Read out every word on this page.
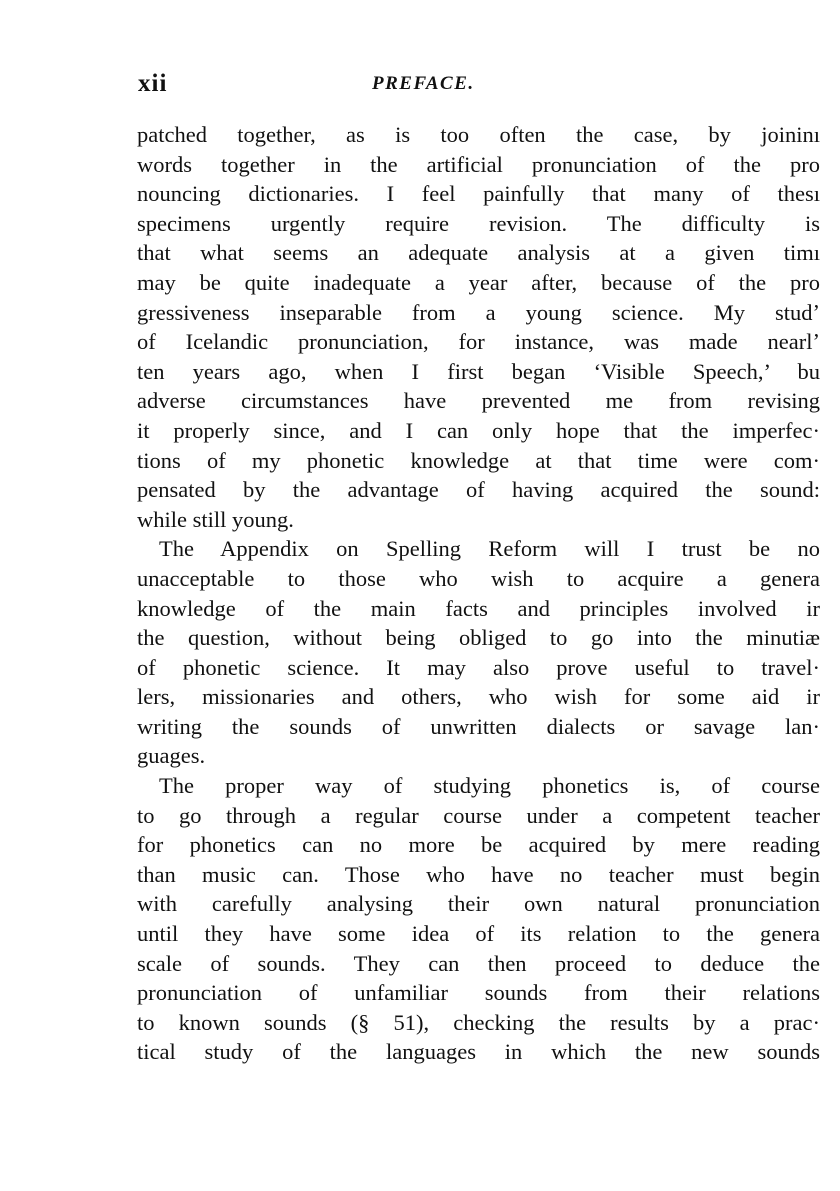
xii	PREFACE.
patched together, as is too often the case, by joininı
words together in the artificial pronunciation of the pro
nouncing dictionaries. I feel painfully that many of thesı
specimens urgently require revision. The difficulty is
that what seems an adequate analysis at a given timı
may be quite inadequate a year after, because of the pro
gressiveness inseparable from a young science. My studʼ
of Icelandic pronunciation, for instance, was made nearlʼ
ten years ago, when I first began ‘Visible Speech,’ bu
adverse circumstances have prevented me from revising
it properly since, and I can only hope that the imperfec·
tions of my phonetic knowledge at that time were com·
pensated by the advantage of having acquired the sound:
while still young.
The Appendix on Spelling Reform will I trust be no
unacceptable to those who wish to acquire a genera
knowledge of the main facts and principles involved ir
the question, without being obliged to go into the minutiæ
of phonetic science. It may also prove useful to travel·
lers, missionaries and others, who wish for some aid ir
writing the sounds of unwritten dialects or savage lan·
guages.
The proper way of studying phonetics is, of course
to go through a regular course under a competent teacher
for phonetics can no more be acquired by mere reading
than music can. Those who have no teacher must begin
with carefully analysing their own natural pronunciation
until they have some idea of its relation to the genera
scale of sounds. They can then proceed to deduce the
pronunciation of unfamiliar sounds from their relations
to known sounds (§ 51), checking the results by a prac·
tical study of the languages in which the new sounds
